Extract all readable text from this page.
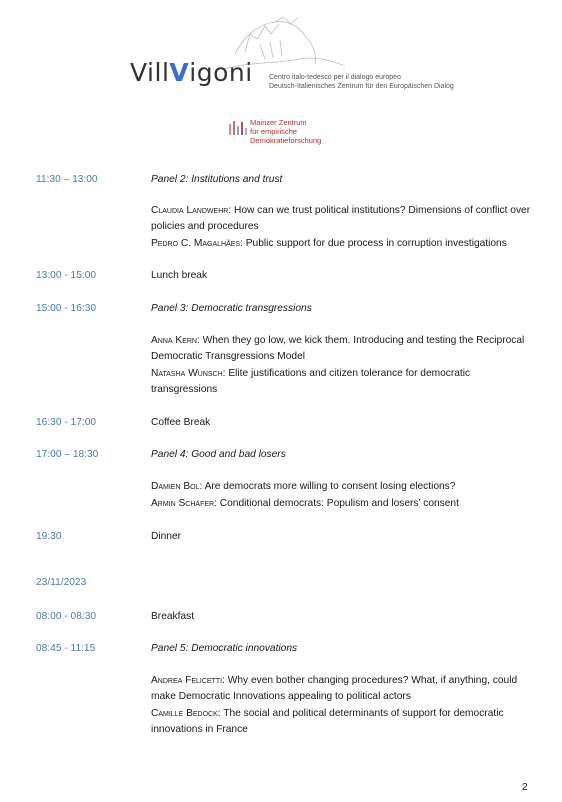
VillVigoni Centro italo-tedesco per il dialogo europeo
Deutsch-Italienisches Zentrum für den Europäischen Dialog
Mainzer Zentrum
für empirische Demokratieforschung
11:30 – 13:00	Panel 2: Institutions and trust
Claudia Landwehr: How can we trust political institutions? Dimensions of conflict over policies and procedures
Pedro C. Magalhães: Public support for due process in corruption investigations
13:00 - 15:00	Lunch break
15:00 - 16:30	Panel 3: Democratic transgressions
Anna Kern: When they go low, we kick them. Introducing and testing the Reciprocal Democratic Transgressions Model
Natasha Wunsch: Elite justifications and citizen tolerance for democratic transgressions
16:30 - 17:00	Coffee Break
17:00 – 18:30	Panel 4: Good and bad losers
Damien Bol: Are democrats more willing to consent losing elections?
Armin Schäfer: Conditional democrats: Populism and losers’ consent
19:30	Dinner
23/11/2023
08:00 - 08:30	Breakfast
08:45 - 11:15	Panel 5: Democratic innovations
Andrea Felicetti: Why even bother changing procedures? What, if anything, could make Democratic Innovations appealing to political actors
Camille Bedock: The social and political determinants of support for democratic innovations in France
2
